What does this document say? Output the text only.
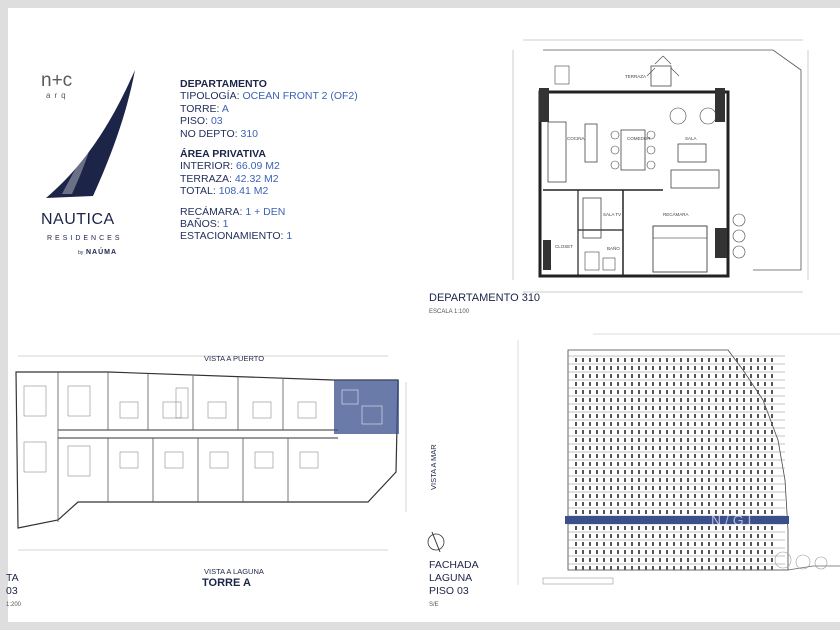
n+c
arq
NAUTICA
RESIDENCES
by NAÚMA
DEPARTAMENTO
TIPOLOGÍA: OCEAN FRONT 2 (OF2)
TORRE: A
PISO: 03
NO DEPTO: 310
ÁREA PRIVATIVA
INTERIOR: 66.09 M2
TERRAZA: 42.32 M2
TOTAL: 108.41 M2
RECÁMARA: 1 + DEN
BAÑOS: 1
ESTACIONAMIENTO: 1
TERRAZA
COCINA	COMEDOR	SALA
SALA TV	RECÁMARA
CLOSET	BAÑO
DEPARTAMENTO 310
ESCALA 1:100
VISTA A PUERTO
VISTA A LAGUNA
VISTA A MAR
TORRE A
TA
03
1:200
N / G I
FACHADA
LAGUNA
PISO 03
S/E
